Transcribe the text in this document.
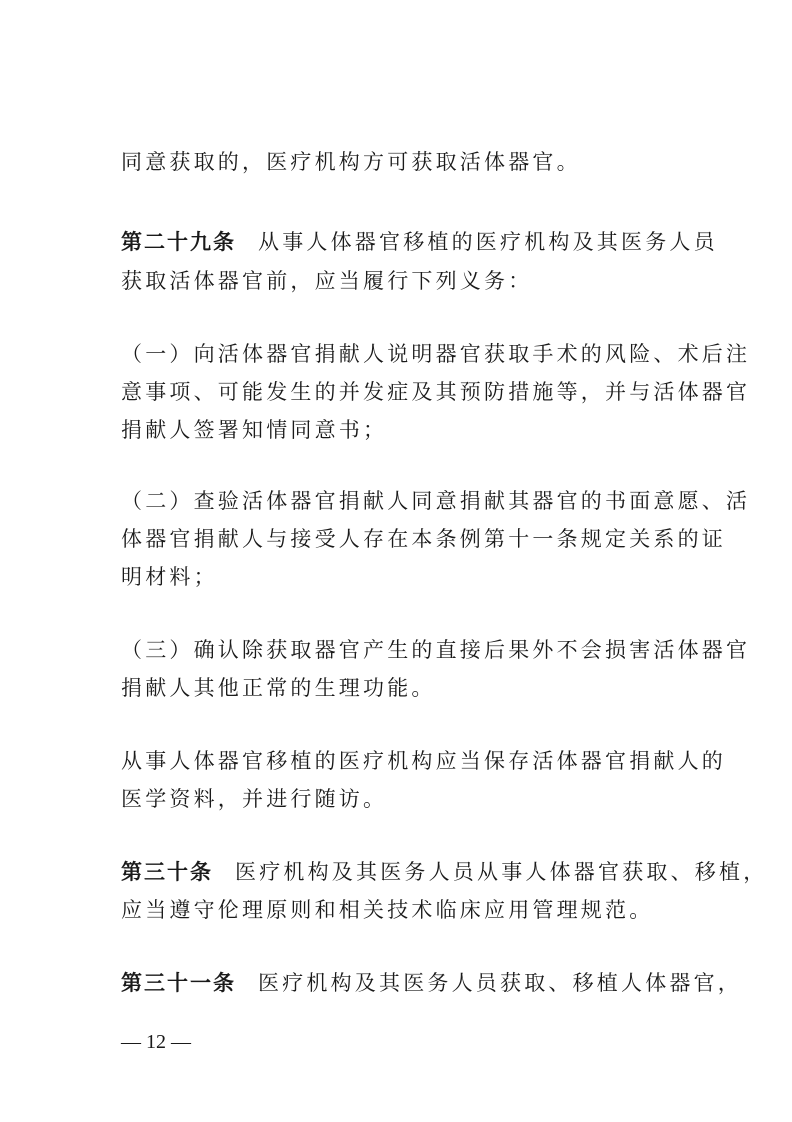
同意获取的，医疗机构方可获取活体器官。
第二十九条 从事人体器官移植的医疗机构及其医务人员
获取活体器官前，应当履行下列义务：
（一）向活体器官捐献人说明器官获取手术的风险、术后注
意事项、可能发生的并发症及其预防措施等，并与活体器官
捐献人签署知情同意书；
（二）查验活体器官捐献人同意捐献其器官的书面意愿、活
体器官捐献人与接受人存在本条例第十一条规定关系的证
明材料；
（三）确认除获取器官产生的直接后果外不会损害活体器官
捐献人其他正常的生理功能。
从事人体器官移植的医疗机构应当保存活体器官捐献人的
医学资料，并进行随访。
第三十条 医疗机构及其医务人员从事人体器官获取、移植，
应当遵守伦理原则和相关技术临床应用管理规范。
第三十一条 医疗机构及其医务人员获取、移植人体器官，
— 12 —
